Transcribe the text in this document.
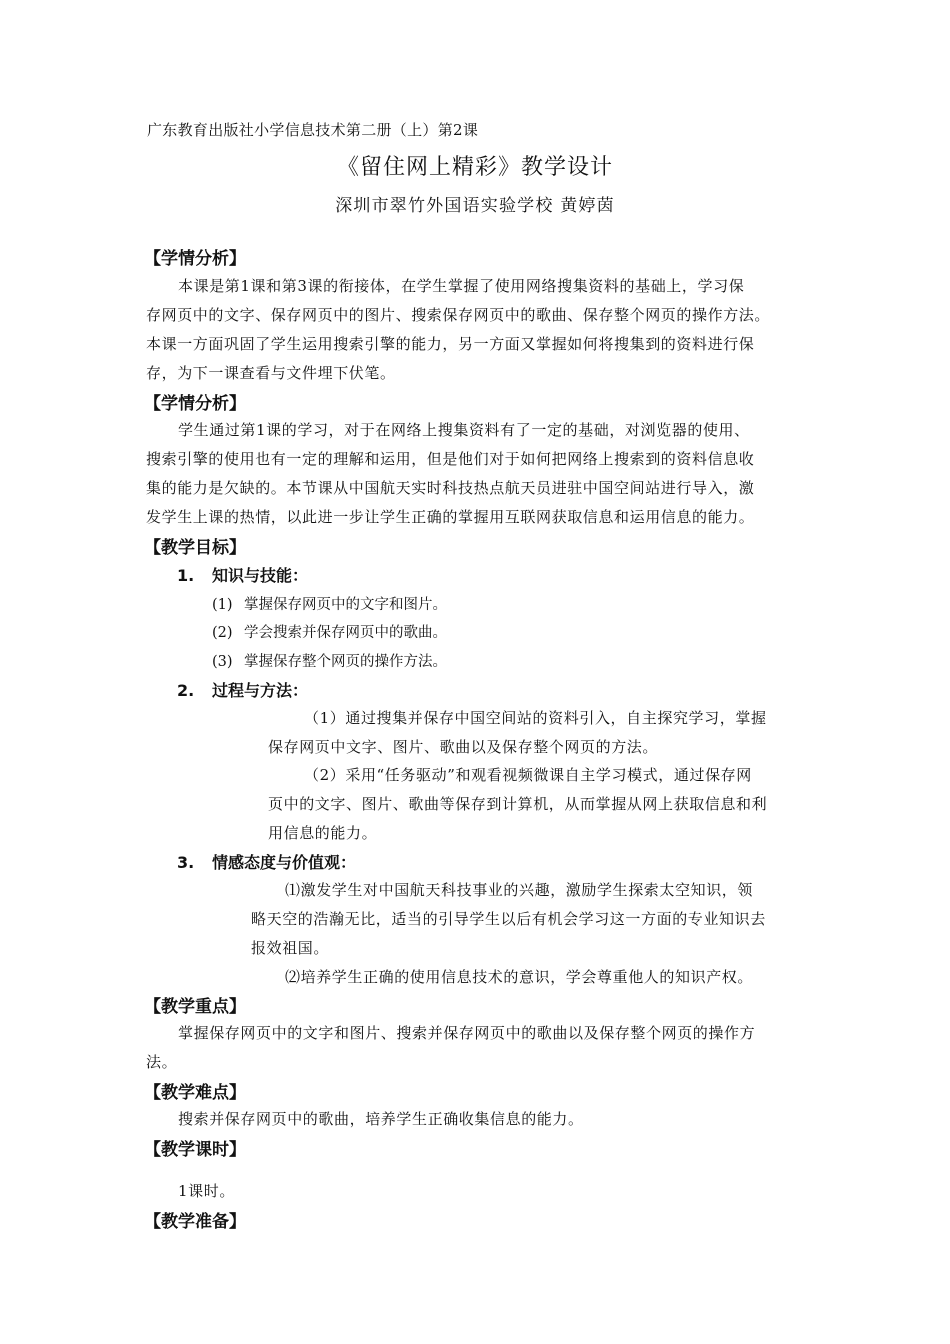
广东教育出版社小学信息技术第二册（上）第2课
《留住网上精彩》教学设计
深圳市翠竹外国语实验学校 黄婷茵
【学情分析】
本课是第1课和第3课的衔接体，在学生掌握了使用网络搜集资料的基础上，学习保
存网页中的文字、保存网页中的图片、搜索保存网页中的歌曲、保存整个网页的操作方法。
本课一方面巩固了学生运用搜索引擎的能力，另一方面又掌握如何将搜集到的资料进行保
存，为下一课查看与文件埋下伏笔。
【学情分析】
学生通过第1课的学习，对于在网络上搜集资料有了一定的基础，对浏览器的使用、
搜索引擎的使用也有一定的理解和运用，但是他们对于如何把网络上搜索到的资料信息收
集的能力是欠缺的。本节课从中国航天实时科技热点航天员进驻中国空间站进行导入，激
发学生上课的热情，以此进一步让学生正确的掌握用互联网获取信息和运用信息的能力。
【教学目标】
1. 知识与技能：
(1) 掌握保存网页中的文字和图片。
(2) 学会搜索并保存网页中的歌曲。
(3) 掌握保存整个网页的操作方法。
2. 过程与方法：
（1）通过搜集并保存中国空间站的资料引入，自主探究学习，掌握
保存网页中文字、图片、歌曲以及保存整个网页的方法。
（2）采用“任务驱动”和观看视频微课自主学习模式，通过保存网
页中的文字、图片、歌曲等保存到计算机，从而掌握从网上获取信息和利
用信息的能力。
3. 情感态度与价值观：
⑴激发学生对中国航天科技事业的兴趣，激励学生探索太空知识，领
略天空的浩瀚无比，适当的引导学生以后有机会学习这一方面的专业知识去
报效祖国。
⑵培养学生正确的使用信息技术的意识，学会尊重他人的知识产权。
【教学重点】
掌握保存网页中的文字和图片、搜索并保存网页中的歌曲以及保存整个网页的操作方
法。
【教学难点】
搜索并保存网页中的歌曲，培养学生正确收集信息的能力。
【教学课时】
1课时。
【教学准备】
